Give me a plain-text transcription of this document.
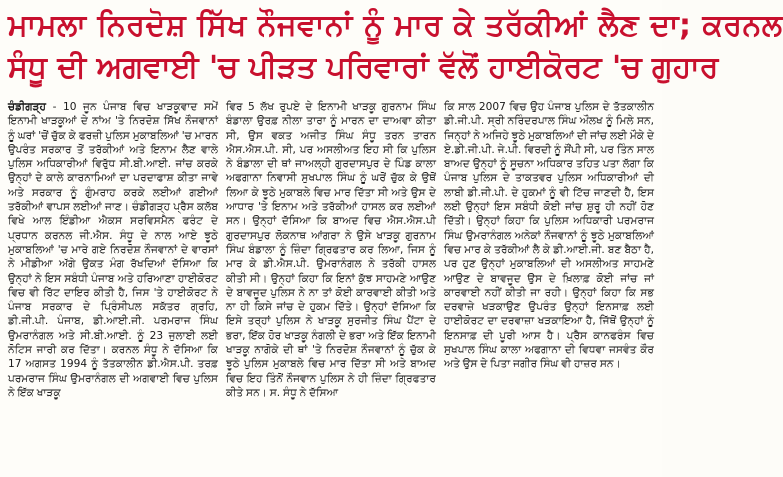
ਮਾਮਲਾ ਨਿਰਦੋਸ਼ ਸਿੱਖ ਨੌਜਵਾਨਾਂ ਨੂੰ ਮਾਰ ਕੇ ਤਰੱਕੀਆਂ ਲੈਣ ਦਾ; ਕਰਨਲ
ਸੰਧੂ ਦੀ ਅਗਵਾਈ 'ਚ ਪੀੜਤ ਪਰਿਵਾਰਾਂ ਵੱਲੋਂ ਹਾਈਕੋਰਟ 'ਚ ਗੁਹਾਰ
ਚੰਡੀਗੜ੍ਹ - 10 ਜੂਨ ਪੰਜਾਬ ਵਿਚ ਖਾੜਕੂਵਾਦ ਸਮੇਂ ਇਨਾਮੀ ਖਾੜਕੂਆਂ ਦੇ ਨਾਂਅ 'ਤੇ ਨਿਰਦੋਸ਼ ਸਿੱਖ ਨੌਜਵਾਨਾਂ ਨੂੰ ਘਰਾਂ 'ਚੋਂ ਚੁੱਕ ਕੇ ਫਰਜ਼ੀ ਪੁਲਿਸ ਮੁਕਾਬਲਿਆਂ 'ਚ ਮਾਰਨ ਉਪਰੰਤ ਸਰਕਾਰ ਤੋਂ ਤਰੱਕੀਆਂ ਅਤੇ ਇਨਾਮ ਲੈਣ ਵਾਲੇ ਪੁਲਿਸ ਅਧਿਕਾਰੀਆਂ ਵਿਰੁੱਧ ਸੀ.ਬੀ.ਆਈ. ਜਾਂਚ ਕਰਕੇ ਉਨ੍ਹਾਂ ਦੇ ਕਾਲੇ ਕਾਰਨਾਮਿਆਂ ਦਾ ਪਰਦਾਫਾਸ਼ ਕੀਤਾ ਜਾਵੇ ਅਤੇ ਸਰਕਾਰ ਨੂੰ ਗੁੰਮਰਾਹ ਕਰਕੇ ਲਈਆਂ ਗਈਆਂ ਤਰੱਕੀਆਂ ਵਾਪਸ ਲਈਆਂ ਜਾਣ। ਚੰਡੀਗੜ੍ਹ ਪ੍ਰੈਸ ਕਲੱਬ ਵਿਖੇ ਆਲ ਇੰਡੀਆ ਐਕਸ ਸਰਵਿਸਮੈਨ ਫਰੰਟ ਦੇ ਪ੍ਰਧਾਨ ਕਰਨਲ ਜੀ.ਐਸ. ਸੰਧੂ ਦੇ ਨਾਲ ਆਏ ਝੂਠੇ ਮੁਕਾਬਲਿਆਂ 'ਚ ਮਾਰੇ ਗਏ ਨਿਰਦੋਸ਼ ਨੌਜਵਾਨਾਂ ਦੇ ਵਾਰਸਾਂ ਨੇ ਮੀਡੀਆ ਅੱਗੇ ਉਕਤ ਮੰਗ ਰੱਖਦਿਆਂ ਦੱਸਿਆ ਕਿ ਉਨ੍ਹਾਂ ਨੇ ਇਸ ਸਬੰਧੀ ਪੰਜਾਬ ਅਤੇ ਹਰਿਆਣਾ ਹਾਈਕੋਰਟ ਵਿਚ ਵੀ ਰਿੱਟ ਦਾਇਰ ਕੀਤੀ ਹੈ, ਜਿਸ 'ਤੇ ਹਾਈਕੋਰਟ ਨੇ ਪੰਜਾਬ ਸਰਕਾਰ ਦੇ ਪ੍ਰਿੰਸੀਪਲ ਸਕੱਤਰ ਗ੍ਰਹਿ, ਡੀ.ਜੀ.ਪੀ. ਪੰਜਾਬ, ਡੀ.ਆਈ.ਜੀ. ਪਰਮਰਾਜ ਸਿੰਘ ਉਮਰਾਨੰਗਲ ਅਤੇ ਸੀ.ਬੀ.ਆਈ. ਨੂੰ 23 ਜੁਲਾਈ ਲਈ ਨੋਟਿਸ ਜਾਰੀ ਕਰ ਦਿੱਤਾ। ਕਰਨਲ ਸੰਧੂ ਨੇ ਦੱਸਿਆ ਕਿ 17 ਅਗਸਤ 1994 ਨੂੰ ਤੱਤਕਾਲੀਨ ਡੀ.ਐਸ.ਪੀ. ਤਰਫ਼ ਪਰਮਰਾਜ ਸਿੰਘ ਉਮਰਾਨੰਗਲ ਦੀ ਅਗਵਾਈ ਵਿਚ ਪੁਲਿਸ ਨੇ ਇੱਕ ਖਾੜਕੂ
ਵਿਰ 5 ਲੱਖ ਰੁਪਏ ਦੇ ਇਨਾਮੀ ਖਾੜਕੂ ਗੁਰਨਾਮ ਸਿੰਘ ਬੰਡਾਲਾ ਉਰਫ਼ ਨੀਲਾ ਤਾਰਾ ਨੂੰ ਮਾਰਨ ਦਾ ਦਾਅਵਾ ਕੀਤਾ ਸੀ, ਉਸ ਵਕਤ ਅਜੀਤ ਸਿੰਘ ਸੰਧੂ ਤਰਨ ਤਾਰਨ ਐਸ.ਐਸ.ਪੀ. ਸੀ, ਪਰ ਅਸਲੀਅਤ ਇਹ ਸੀ ਕਿ ਪੁਲਿਸ ਨੇ ਬੰਡਾਲਾ ਦੀ ਥਾਂ ਜਾਅਲ੍ਹੀ ਗੁਰਦਾਸਪੁਰ ਦੇ ਪਿੰਡ ਕਾਲਾ ਅਫਗਾਨਾ ਨਿਵਾਸੀ ਸੁਖਪਾਲ ਸਿੰਘ ਨੂੰ ਘਰੋਂ ਚੁੱਕ ਕੇ ਉਥੋਂ ਲਿਆ ਕੇ ਝੂਠੇ ਮੁਕਾਬਲੇ ਵਿਚ ਮਾਰ ਦਿੱਤਾ ਸੀ ਅਤੇ ਉਸ ਦੇ ਆਧਾਰ 'ਤੇ ਇਨਾਮ ਅਤੇ ਤਰੱਕੀਆਂ ਹਾਸਲ ਕਰ ਲਈਆਂ ਸਨ। ਉਨ੍ਹਾਂ ਦੱਸਿਆ ਕਿ ਬਾਅਦ ਵਿਚ ਐਸ.ਐਸ.ਪੀ ਗੁਰਦਾਸਪੁਰ ਲੋਕਨਾਥ ਆਂਗਰਾ ਨੇ ਉਸੇ ਖਾੜਕੂ ਗੁਰਨਾਮ ਸਿੰਘ ਬੰਡਾਲਾ ਨੂੰ ਜ਼ਿੰਦਾ ਗ੍ਰਿਫਤਾਰ ਕਰ ਲਿਆ, ਜਿਸ ਨੂੰ ਮਾਰ ਕੇ ਡੀ.ਐਸ.ਪੀ. ਉਮਰਾਨੰਗਲ ਨੇ ਤਰੱਕੀ ਹਾਸਲ ਕੀਤੀ ਸੀ। ਉਨ੍ਹਾਂ ਕਿਹਾ ਕਿ ਇਨਾਂ ਕੁੱਝ ਸਾਹਮਣੇ ਆਉਣ ਦੇ ਬਾਵਜੂਦ ਪੁਲਿਸ ਨੇ ਨਾ ਤਾਂ ਕੋਈ ਕਾਰਵਾਈ ਕੀਤੀ ਅਤੇ ਨਾ ਹੀ ਕਿਸੇ ਜਾਂਚ ਦੇ ਹੁਕਮ ਦਿੱਤੇ। ਉਨ੍ਹਾਂ ਦੱਸਿਆ ਕਿ ਇਸੇ ਤਰ੍ਹਾਂ ਪੁਲਿਸ ਨੇ ਖਾੜਕੂ ਸੁਰਜੀਤ ਸਿੰਘ ਪੈਂਟਾ ਦੇ ਭਰਾ, ਇੱਕ ਹੋਰ ਖਾੜਕੂ ਨੰਗਲੀ ਦੇ ਭਰਾ ਅਤੇ ਇੱਕ ਇਨਾਮੀ ਖਾੜਕੂ ਨਾਗੋਕੇ ਦੀ ਥਾਂ 'ਤੇ ਨਿਰਦੋਸ਼ ਨੌਜਵਾਨਾਂ ਨੂੰ ਚੁੱਕ ਕੇ ਝੂਠੇ ਪੁਲਿਸ ਮੁਕਾਬਲੇ ਵਿਚ ਮਾਰ ਦਿੱਤਾ ਸੀ ਅਤੇ ਬਾਅਦ ਵਿਚ ਇਹ ਤਿੰਨੋਂ ਨੌਜਵਾਨ ਪੁਲਿਸ ਨੇ ਹੀ ਜ਼ਿੰਦਾ ਗ੍ਰਿਫਤਾਰ ਕੀਤੇ ਸਨ। ਸ. ਸੰਧੂ ਨੇ ਦੱਸਿਆ
ਕਿ ਸਾਲ 2007 ਵਿਚ ਉਹ ਪੰਜਾਬ ਪੁਲਿਸ ਦੇ ਤੱਤਕਾਲੀਨ ਡੀ.ਜੀ.ਪੀ. ਸ੍ਰੀ ਨਰਿੰਦਰਪਾਲ ਸਿੰਘ ਔਲਖ ਨੂੰ ਮਿਲੇ ਸਨ, ਜਿਨ੍ਹਾਂ ਨੇ ਅਜਿਹੇ ਝੂਠੇ ਮੁਕਾਬਲਿਆਂ ਦੀ ਜਾਂਚ ਲਈ ਮੌਕੇ ਦੇ ਏ.ਡੀ.ਜੀ.ਪੀ. ਜੇ.ਪੀ. ਵਿਰਦੀ ਨੂੰ ਸੌਂਪੀ ਸੀ, ਪਰ ਤਿੰਨ ਸਾਲ ਬਾਅਦ ਉਨ੍ਹਾਂ ਨੂੰ ਸੂਚਨਾ ਅਧਿਕਾਰ ਤਹਿਤ ਪਤਾ ਲੱਗਾ ਕਿ ਪੰਜਾਬ ਪੁਲਿਸ ਦੇ ਤਾਕਤਵਰ ਪੁਲਿਸ ਅਧਿਕਾਰੀਆਂ ਦੀ ਲਾਬੀ ਡੀ.ਜੀ.ਪੀ. ਦੇ ਹੁਕਮਾਂ ਨੂੰ ਵੀ ਟਿੱਚ ਜਾਣਦੀ ਹੈ, ਇਸ ਲਈ ਉਨ੍ਹਾਂ ਇਸ ਸਬੰਧੀ ਕੋਈ ਜਾਂਚ ਸ਼ੁਰੂ ਹੀ ਨਹੀਂ ਹੋਣ ਦਿੱਤੀ। ਉਨ੍ਹਾਂ ਕਿਹਾ ਕਿ ਪੁਲਿਸ ਅਧਿਕਾਰੀ ਪਰਮਰਾਜ ਸਿੰਘ ਉਮਰਾਨੰਗਲ ਅਨੇਕਾਂ ਨੌਜਵਾਨਾਂ ਨੂੰ ਝੂਠੇ ਮੁਕਾਬਲਿਆਂ ਵਿਚ ਮਾਰ ਕੇ ਤਰੱਕੀਆਂ ਲੈ ਕੇ ਡੀ.ਆਈ.ਜੀ. ਬਣ ਬੈਠਾ ਹੈ, ਪਰ ਹੁਣ ਉਨ੍ਹਾਂ ਮੁਕਾਬਲਿਆਂ ਦੀ ਅਸਲੀਅਤ ਸਾਹਮਣੇ ਆਉਣ ਦੇ ਬਾਵਜੂਦ ਉਸ ਦੇ ਖ਼ਿਲਾਫ਼ ਕੋਈ ਜਾਂਚ ਜਾਂ ਕਾਰਵਾਈ ਨਹੀਂ ਕੀਤੀ ਜਾ ਰਹੀ। ਉਨ੍ਹਾਂ ਕਿਹਾ ਕਿ ਸਭ ਦਰਵਾਜ਼ੇ ਖੜਕਾਉਣ ਉਪਰੰਤ ਉਨ੍ਹਾਂ ਇਨਸਾਫ਼ ਲਈ ਹਾਈਕੋਰਟ ਦਾ ਦਰਵਾਜ਼ਾ ਖੜਕਾਇਆ ਹੈ, ਜਿੱਥੋਂ ਉਨ੍ਹਾਂ ਨੂੰ ਇਨਸਾਫ਼ ਦੀ ਪੂਰੀ ਆਸ ਹੈ। ਪ੍ਰੈਸ ਕਾਨਫਰੰਸ ਵਿਚ ਸੁਖਪਾਲ ਸਿੰਘ ਕਾਲਾ ਅਫਗਾਨਾ ਦੀ ਵਿਧਵਾ ਜਸਵੰਤ ਕੌਰ ਅਤੇ ਉਸ ਦੇ ਪਿਤਾ ਜਗੀਰ ਸਿੰਘ ਵੀ ਹਾਜ਼ਰ ਸਨ।
